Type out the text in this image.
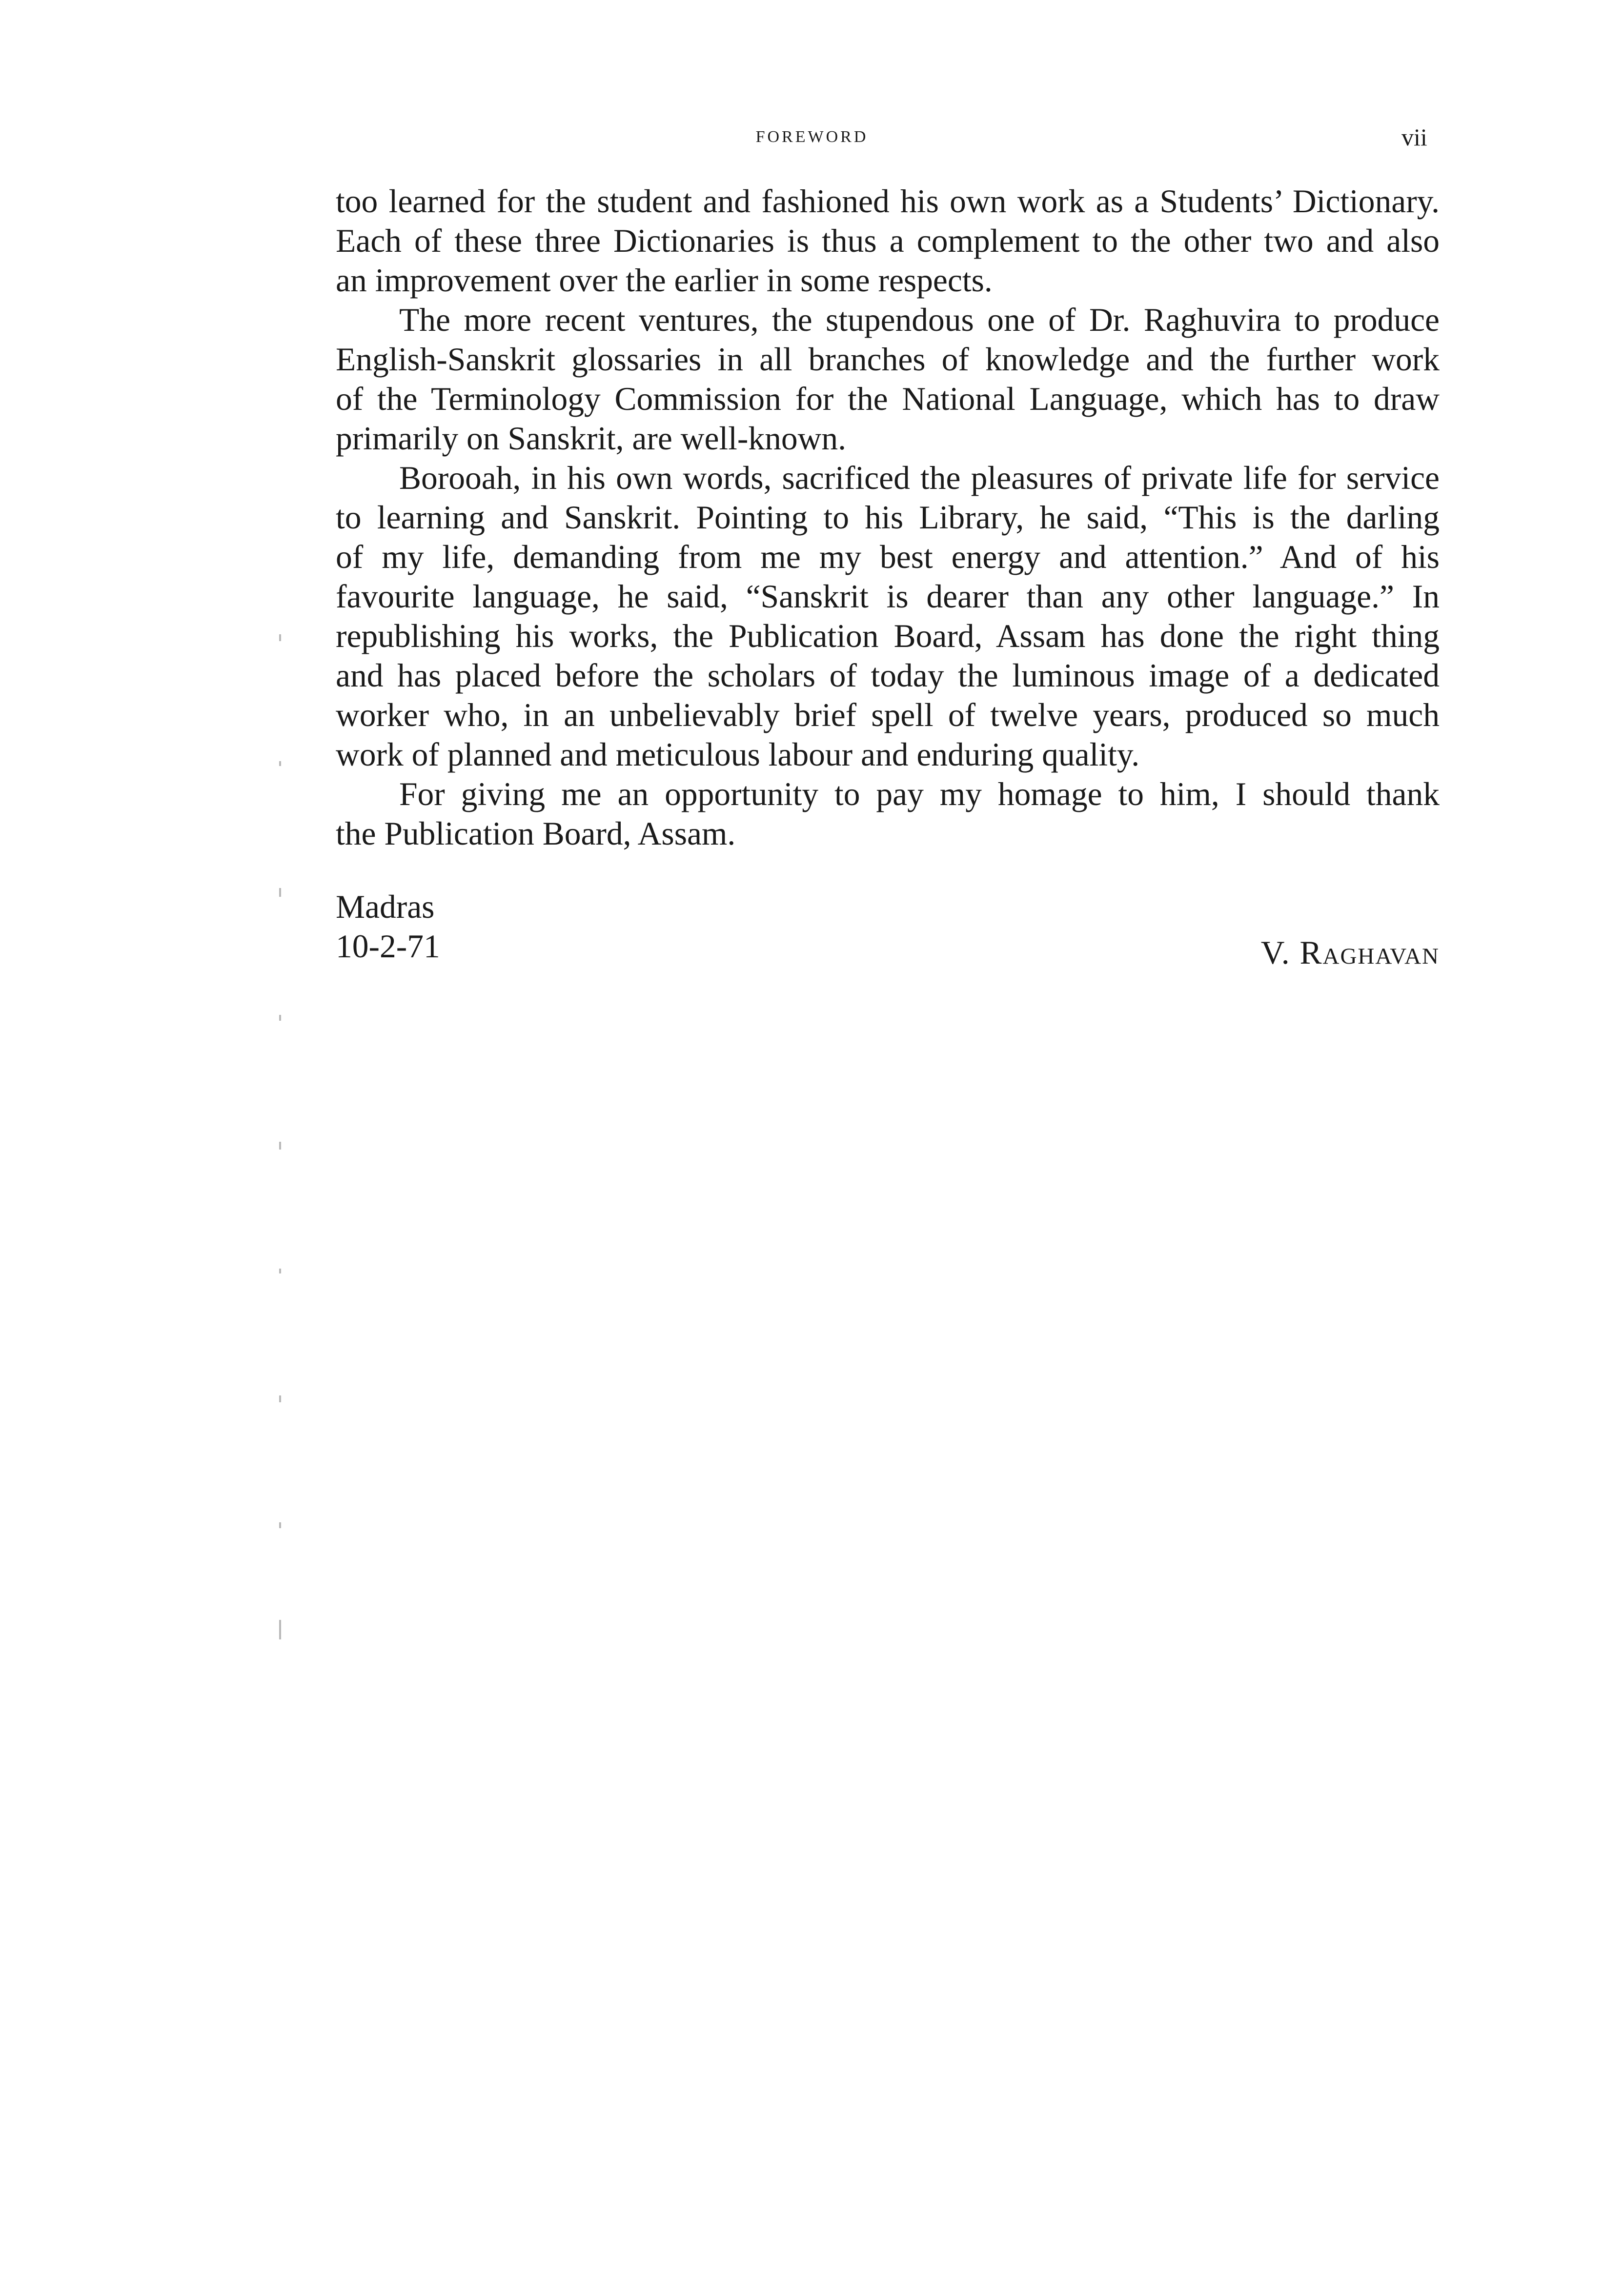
FOREWORD	vii
too learned for the student and fashioned his own work as a Students’ Dictionary.
Each of these three Dictionaries is thus a complement to the other two and also
an improvement over the earlier in some respects.
The more recent ventures, the stupendous one of Dr. Raghuvira to produce
English-Sanskrit glossaries in all branches of knowledge and the further work
of the Terminology Commission for the National Language, which has to draw
primarily on Sanskrit, are well-known.
Borooah, in his own words, sacrificed the pleasures of private life for service
to learning and Sanskrit. Pointing to his Library, he said, “This is the darling
of my life, demanding from me my best energy and attention.” And of his
favourite language, he said, “Sanskrit is dearer than any other language.” In
republishing his works, the Publication Board, Assam has done the right thing
and has placed before the scholars of today the luminous image of a dedicated
worker who, in an unbelievably brief spell of twelve years, produced so much
work of planned and meticulous labour and enduring quality.
For giving me an opportunity to pay my homage to him, I should thank
the Publication Board, Assam.
Madras
10-2-71	V. Raghavan
